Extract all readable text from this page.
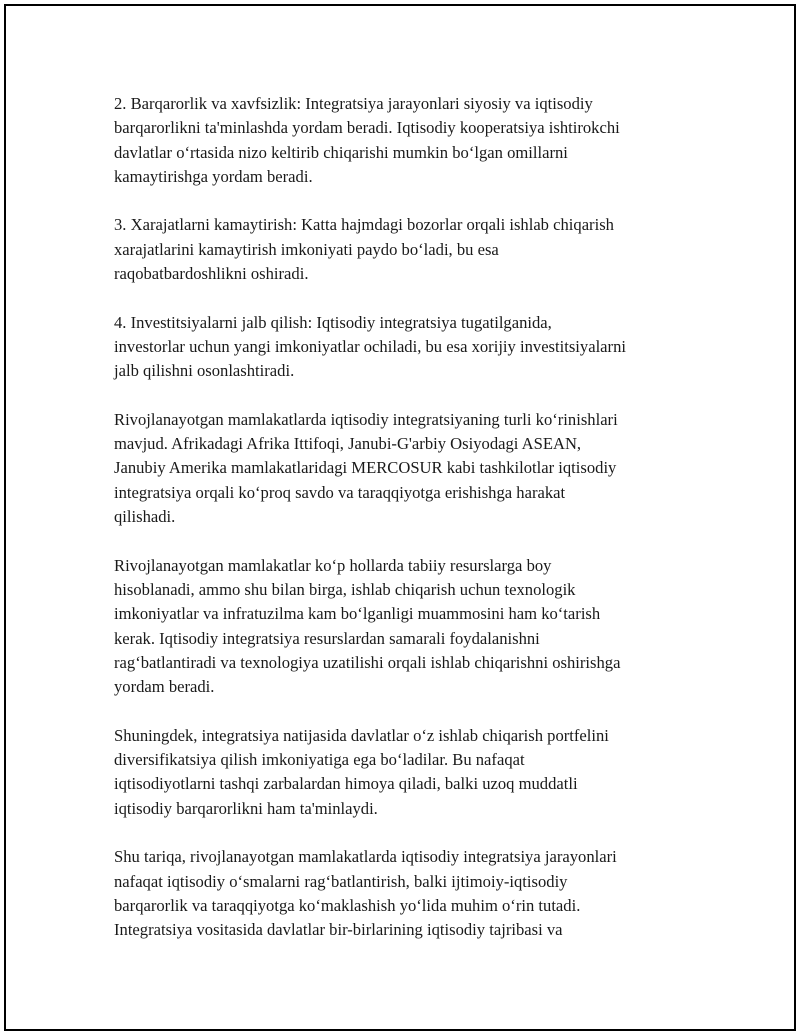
2. Barqarorlik va xavfsizlik: Integratsiya jarayonlari siyosiy va iqtisodiy
barqarorlikni ta'minlashda yordam beradi. Iqtisodiy kooperatsiya ishtirokchi
davlatlar o‘rtasida nizo keltirib chiqarishi mumkin bo‘lgan omillarni
kamaytirishga yordam beradi.

3. Xarajatlarni kamaytirish: Katta hajmdagi bozorlar orqali ishlab chiqarish
xarajatlarini kamaytirish imkoniyati paydo bo‘ladi, bu esa
raqobatbardoshlikni oshiradi.

4. Investitsiyalarni jalb qilish: Iqtisodiy integratsiya tugatilganida,
investorlar uchun yangi imkoniyatlar ochiladi, bu esa xorijiy investitsiyalarni
jalb qilishni osonlashtiradi.

Rivojlanayotgan mamlakatlarda iqtisodiy integratsiyaning turli ko‘rinishlari
mavjud. Afrikadagi Afrika Ittifoqi, Janubi-G'arbiy Osiyodagi ASEAN,
Janubiy Amerika mamlakatlaridagi MERCOSUR kabi tashkilotlar iqtisodiy
integratsiya orqali ko‘proq savdo va taraqqiyotga erishishga harakat
qilishadi.

Rivojlanayotgan mamlakatlar ko‘p hollarda tabiiy resurslarga boy
hisoblanadi, ammo shu bilan birga, ishlab chiqarish uchun texnologik
imkoniyatlar va infratuzilma kam bo‘lganligi muammosini ham ko‘tarish
kerak. Iqtisodiy integratsiya resurslardan samarali foydalanishni
rag‘batlantiradi va texnologiya uzatilishi orqali ishlab chiqarishni oshirishga
yordam beradi.

Shuningdek, integratsiya natijasida davlatlar o‘z ishlab chiqarish portfelini
diversifikatsiya qilish imkoniyatiga ega bo‘ladilar. Bu nafaqat
iqtisodiyotlarni tashqi zarbalardan himoya qiladi, balki uzoq muddatli
iqtisodiy barqarorlikni ham ta'minlaydi.

Shu tariqa, rivojlanayotgan mamlakatlarda iqtisodiy integratsiya jarayonlari
nafaqat iqtisodiy o‘smalarni rag‘batlantirish, balki ijtimoiy-iqtisodiy
barqarorlik va taraqqiyotga ko‘maklashish yo‘lida muhim o‘rin tutadi.
Integratsiya vositasida davlatlar bir-birlarining iqtisodiy tajribasi va
